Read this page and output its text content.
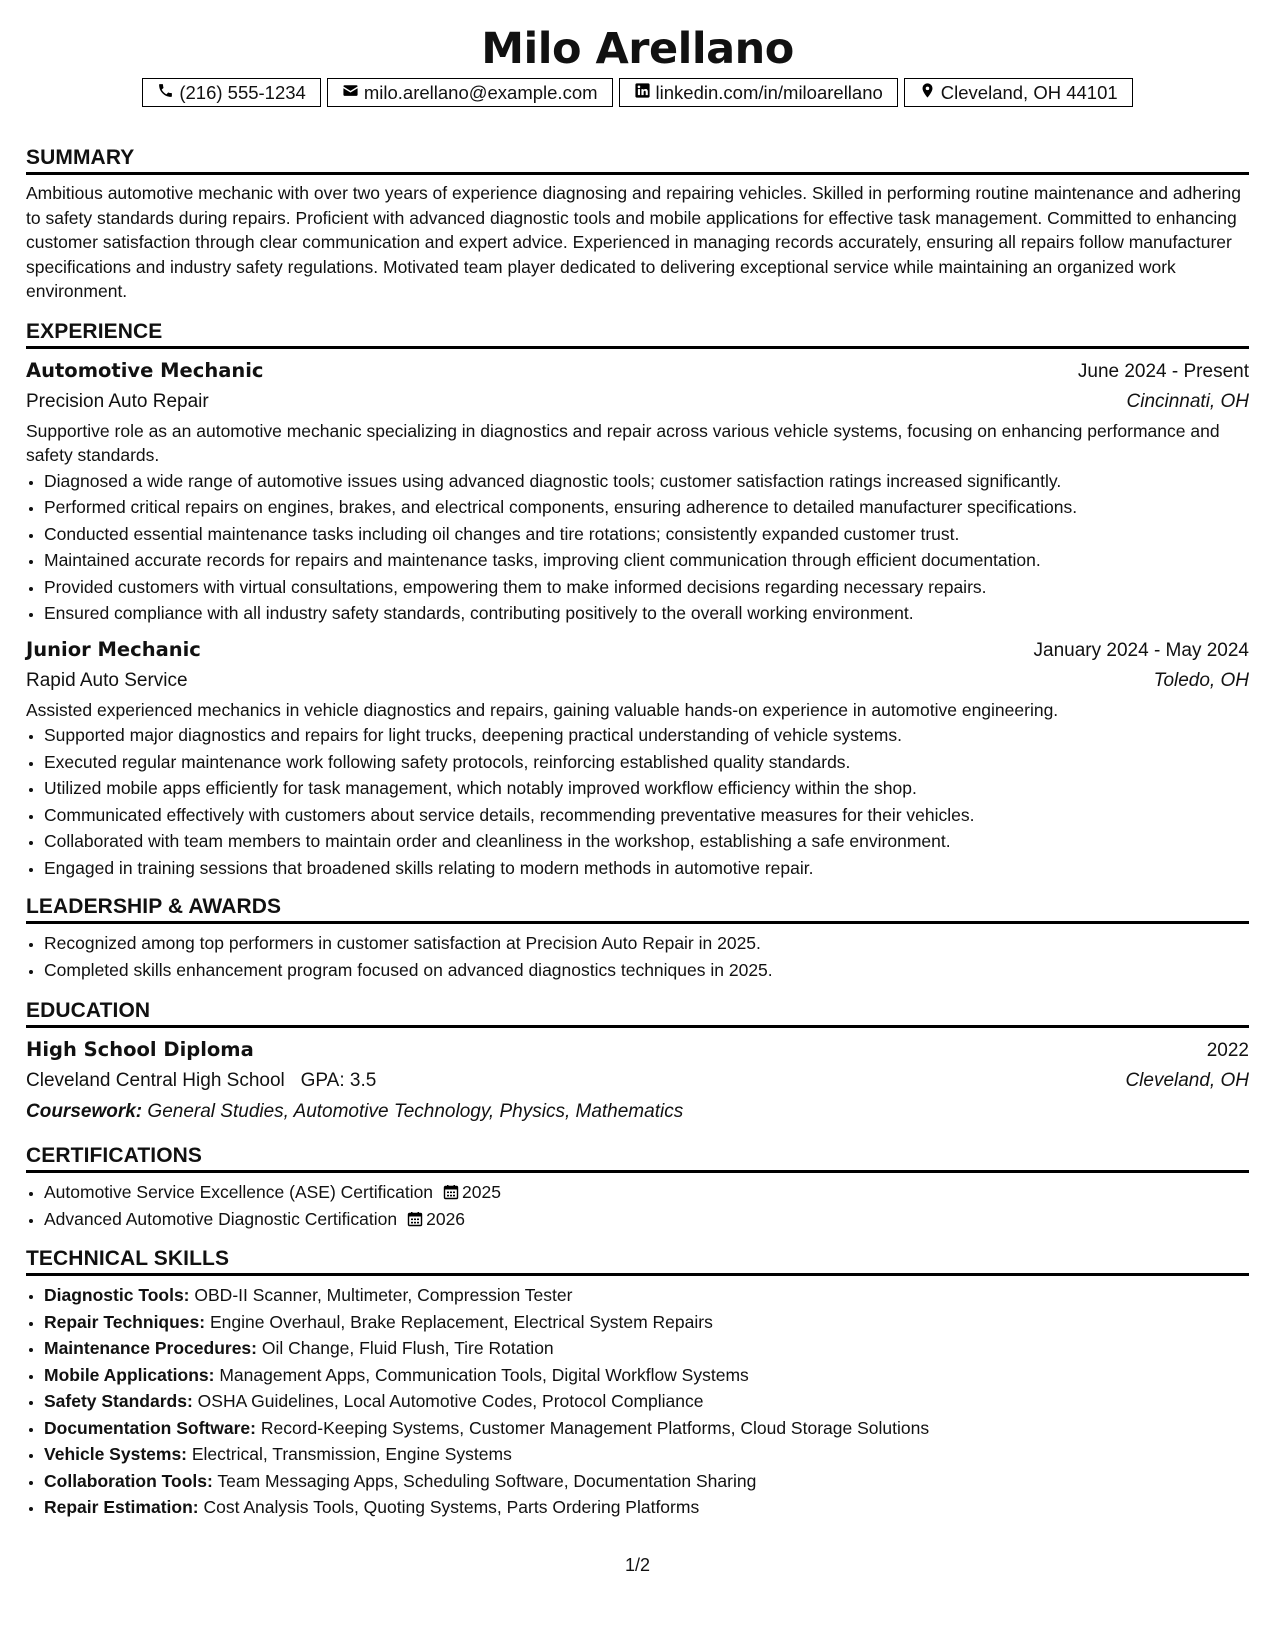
Milo Arellano
(216) 555-1234	milo.arellano@example.com	linkedin.com/in/miloarellano	Cleveland, OH 44101
SUMMARY

Ambitious automotive mechanic with over two years of experience diagnosing and repairing vehicles. Skilled in performing routine maintenance and adhering to safety standards during repairs. Proficient with advanced diagnostic tools and mobile applications for effective task management. Committed to enhancing customer satisfaction through clear communication and expert advice. Experienced in managing records accurately, ensuring all repairs follow manufacturer specifications and industry safety regulations. Motivated team player dedicated to delivering exceptional service while maintaining an organized work environment.

EXPERIENCE
Automotive Mechanic	June 2024 - Present
Precision Auto Repair	Cincinnati, OH

Supportive role as an automotive mechanic specializing in diagnostics and repair across various vehicle systems, focusing on enhancing performance and safety standards.

• Diagnosed a wide range of automotive issues using advanced diagnostic tools; customer satisfaction ratings increased significantly.
• Performed critical repairs on engines, brakes, and electrical components, ensuring adherence to detailed manufacturer specifications.
• Conducted essential maintenance tasks including oil changes and tire rotations; consistently expanded customer trust.
• Maintained accurate records for repairs and maintenance tasks, improving client communication through efficient documentation.
• Provided customers with virtual consultations, empowering them to make informed decisions regarding necessary repairs.
• Ensured compliance with all industry safety standards, contributing positively to the overall working environment.
Junior Mechanic	January 2024 - May 2024
Rapid Auto Service	Toledo, OH

Assisted experienced mechanics in vehicle diagnostics and repairs, gaining valuable hands-on experience in automotive engineering.

• Supported major diagnostics and repairs for light trucks, deepening practical understanding of vehicle systems.
• Executed regular maintenance work following safety protocols, reinforcing established quality standards.
• Utilized mobile apps efficiently for task management, which notably improved workflow efficiency within the shop.
• Communicated effectively with customers about service details, recommending preventative measures for their vehicles.
• Collaborated with team members to maintain order and cleanliness in the workshop, establishing a safe environment.
• Engaged in training sessions that broadened skills relating to modern methods in automotive repair.
LEADERSHIP & AWARDS
• Recognized among top performers in customer satisfaction at Precision Auto Repair in 2025.
• Completed skills enhancement program focused on advanced diagnostics techniques in 2025.
EDUCATION
High School Diploma	2022
Cleveland Central High School GPA: 3.5	Cleveland, OH
Coursework: General Studies, Automotive Technology, Physics, Mathematics
CERTIFICATIONS
• Automotive Service Excellence (ASE) Certification 2025
• Advanced Automotive Diagnostic Certification 2026
TECHNICAL SKILLS
• Diagnostic Tools: OBD-II Scanner, Multimeter, Compression Tester
• Repair Techniques: Engine Overhaul, Brake Replacement, Electrical System Repairs
• Maintenance Procedures: Oil Change, Fluid Flush, Tire Rotation
• Mobile Applications: Management Apps, Communication Tools, Digital Workflow Systems
• Safety Standards: OSHA Guidelines, Local Automotive Codes, Protocol Compliance
• Documentation Software: Record-Keeping Systems, Customer Management Platforms, Cloud Storage Solutions
• Vehicle Systems: Electrical, Transmission, Engine Systems
• Collaboration Tools: Team Messaging Apps, Scheduling Software, Documentation Sharing
• Repair Estimation: Cost Analysis Tools, Quoting Systems, Parts Ordering Platforms
1/2
